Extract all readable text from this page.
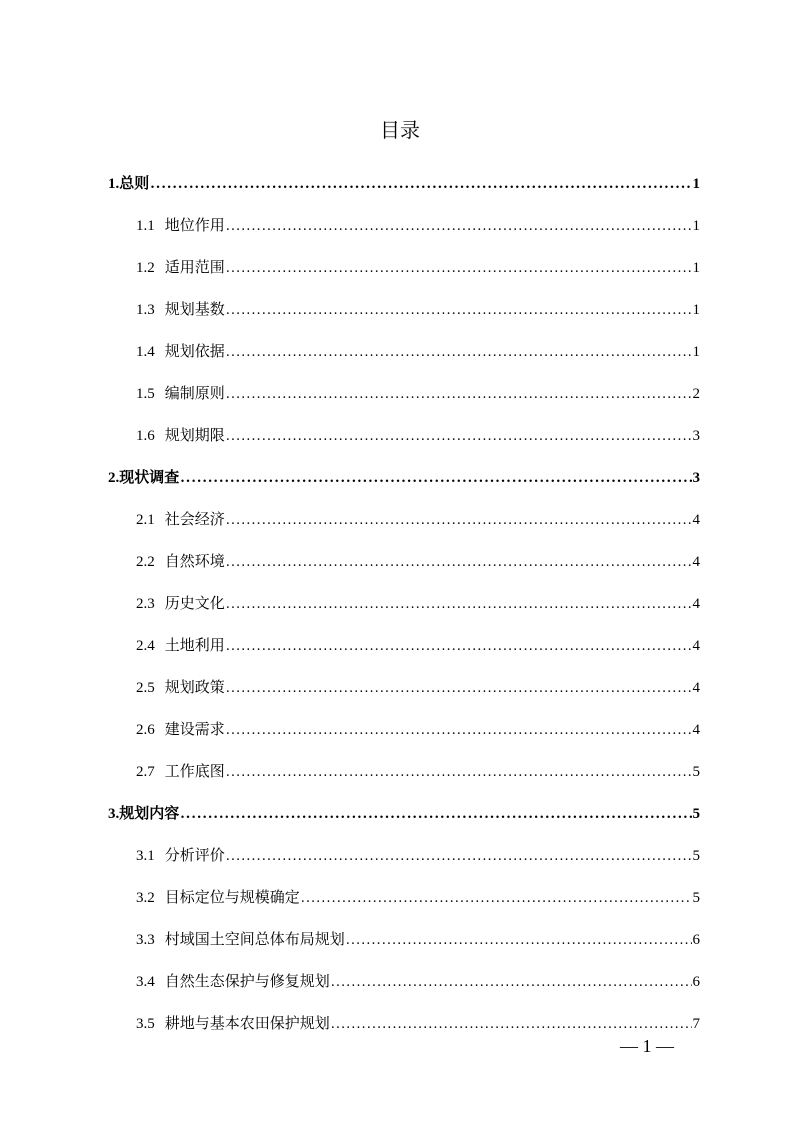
目录
1. 总则 .....	1
1.1 地位作用 .....	1
1.2 适用范围 .....	1
1.3 规划基数 .....	1
1.4 规划依据 .....	1
1.5 编制原则 .....	2
1.6 规划期限 .....	3
2. 现状调查 .....	3
2.1 社会经济 .....	4
2.2 自然环境 .....	4
2.3 历史文化 .....	4
2.4 土地利用 .....	4
2.5 规划政策 .....	4
2.6 建设需求 .....	4
2.7 工作底图 .....	5
3. 规划内容 .....	5
3.1 分析评价 .....	5
3.2 目标定位与规模确定 .....	5
3.3 村域国土空间总体布局规划 .....	6
3.4 自然生态保护与修复规划 .....	6
3.5 耕地与基本农田保护规划 .....	7
— 1 —
